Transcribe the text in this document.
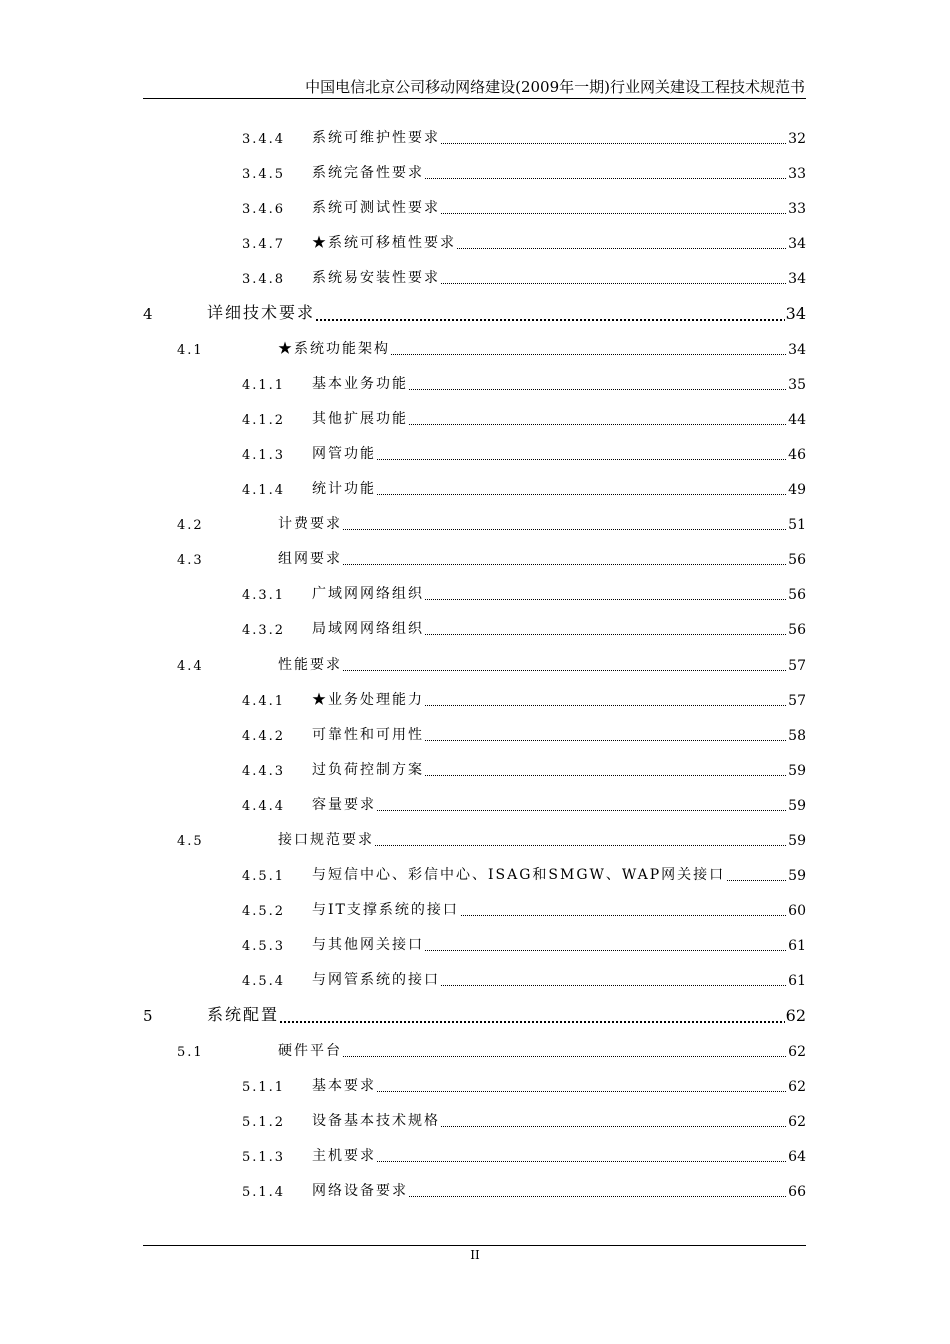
中国电信北京公司移动网络建设(2009年一期)行业网关建设工程技术规范书
3.4.4 系统可维护性要求	32
3.4.5 系统完备性要求	33
3.4.6 系统可测试性要求	33
3.4.7 ★系统可移植性要求	34
3.4.8 系统易安装性要求	34
4	详细技术要求	34
4.1	★系统功能架构	34
4.1.1 基本业务功能	35
4.1.2 其他扩展功能	44
4.1.3 网管功能	46
4.1.4 统计功能	49
4.2	计费要求	51
4.3	组网要求	56
4.3.1 广域网网络组织	56
4.3.2 局域网网络组织	56
4.4	性能要求	57
4.4.1 ★业务处理能力	57
4.4.2 可靠性和可用性	58
4.4.3 过负荷控制方案	59
4.4.4 容量要求	59
4.5	接口规范要求	59
4.5.1 与短信中心、彩信中心、ISAG和SMGW、WAP网关接口	59
4.5.2 与IT支撑系统的接口	60
4.5.3 与其他网关接口	61
4.5.4 与网管系统的接口	61
5	系统配置	62
5.1	硬件平台	62
5.1.1 基本要求	62
5.1.2 设备基本技术规格	62
5.1.3 主机要求	64
5.1.4 网络设备要求	66
II
